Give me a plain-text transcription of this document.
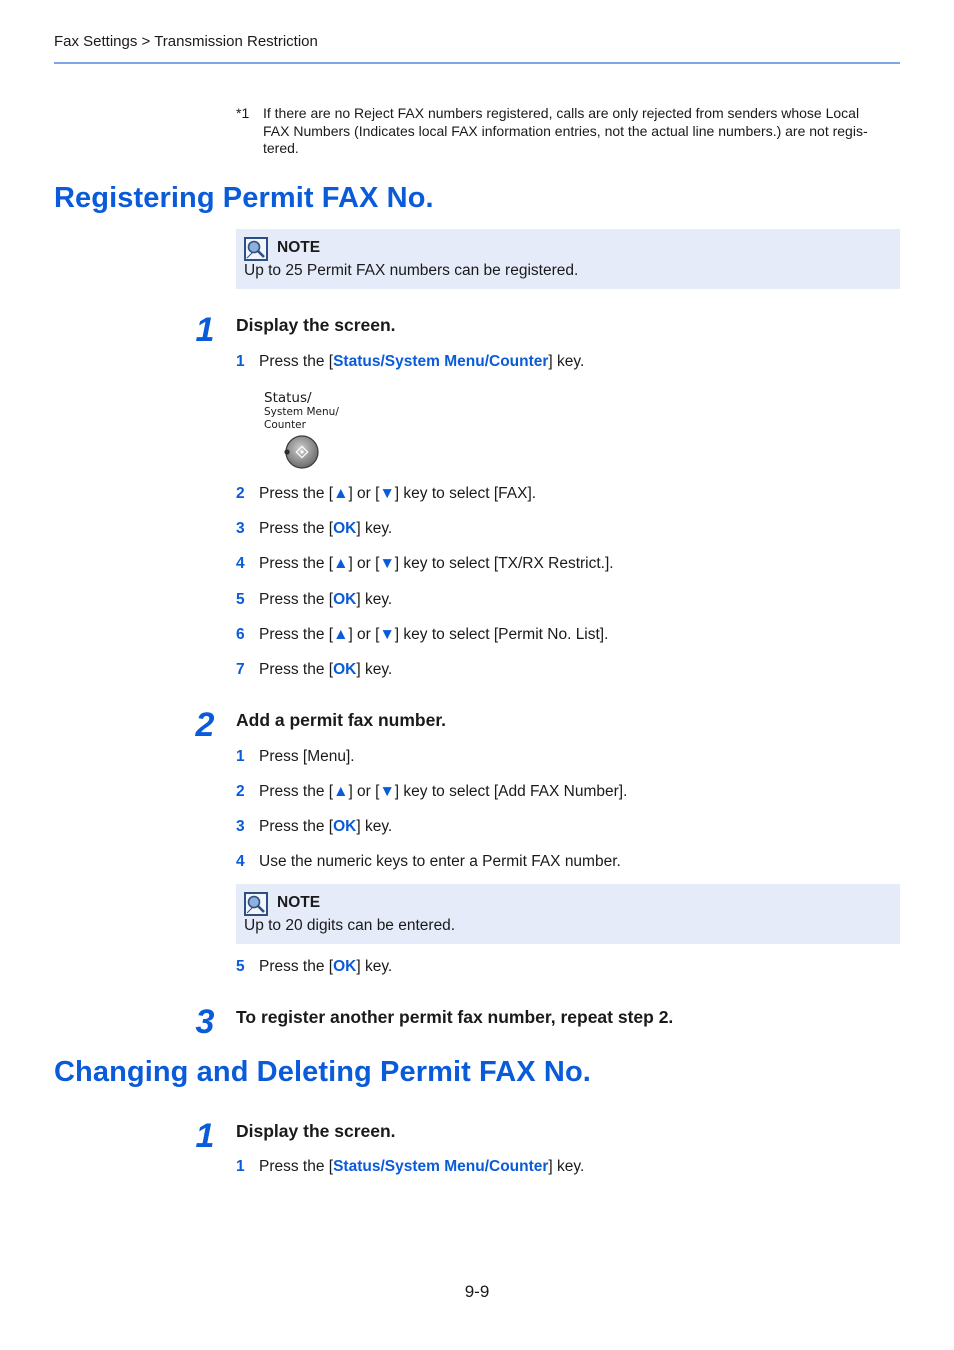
Fax Settings > Transmission Restriction
*1 If there are no Reject FAX numbers registered, calls are only rejected from senders whose Local
FAX Numbers (Indicates local FAX information entries, not the actual line numbers.) are not regis-
tered.
Registering Permit FAX No.
NOTE
Up to 25 Permit FAX numbers can be registered.
1	Display the screen.
1 Press the [Status/System Menu/Counter] key.
Status/
System Menu/
Counter
2 Press the [▲] or [▼] key to select [FAX].
3 Press the [OK] key.
4 Press the [▲] or [▼] key to select [TX/RX Restrict.].
5 Press the [OK] key.
6 Press the [▲] or [▼] key to select [Permit No. List].
7 Press the [OK] key.
2	Add a permit fax number.
1 Press [Menu].
2 Press the [▲] or [▼] key to select [Add FAX Number].
3 Press the [OK] key.
4 Use the numeric keys to enter a Permit FAX number.
NOTE
Up to 20 digits can be entered.
5 Press the [OK] key.
3	To register another permit fax number, repeat step 2.
Changing and Deleting Permit FAX No.
1	Display the screen.
1 Press the [Status/System Menu/Counter] key.
9-9
